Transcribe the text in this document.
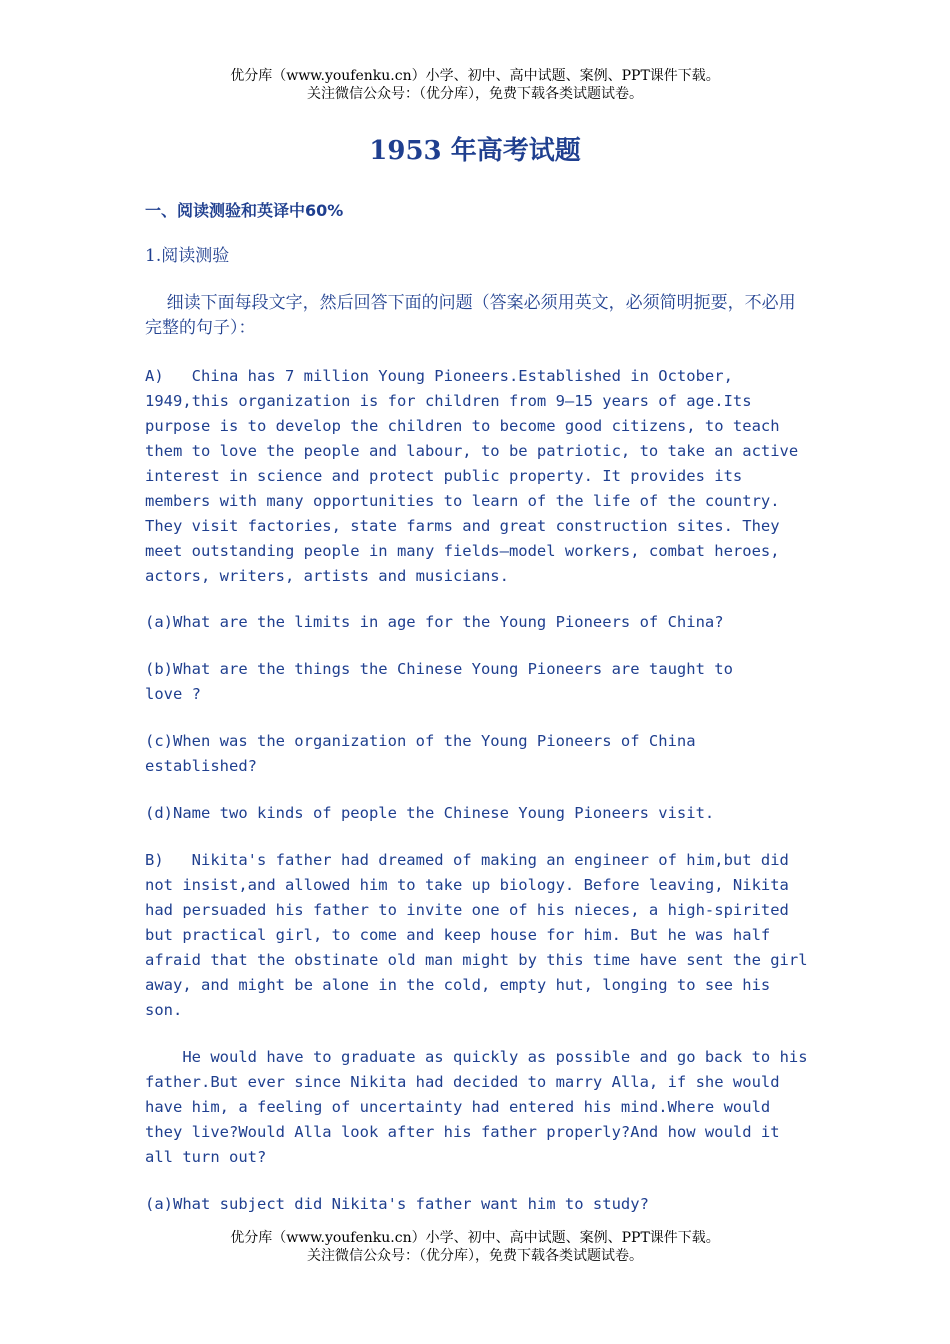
优分库（www.youfenku.cn）小学、初中、高中试题、案例、PPT课件下载。
关注微信公众号：（优分库），免费下载各类试题试卷。
1953 年高考试题
一、阅读测验和英译中60%
1.阅读测验
细读下面每段文字，然后回答下面的问题（答案必须用英文，必须简明扼要，不必用完整的句子）：

A)   China has 7 million Young Pioneers.Established in October, 1949,this organization is for children from 9—15 years of age.Its purpose is to develop the children to become good citizens, to teach them to love the people and labour, to be patriotic, to take an active interest in science and protect public property. It provides its members with many opportunities to learn of the life of the country. They visit factories, state farms and great construction sites. They meet outstanding people in many fields—model workers, combat heroes, actors, writers, artists and musicians.

(a)What are the limits in age for the Young Pioneers of China?

(b)What are the things the Chinese Young Pioneers are taught to love ?

(c)When was the organization of the Young Pioneers of China established?

(d)Name two kinds of people the Chinese Young Pioneers visit.

B)   Nikita's father had dreamed of making an engineer of him,but did not insist,and allowed him to take up biology. Before leaving, Nikita had persuaded his father to invite one of his nieces, a high-spirited but practical girl, to come and keep house for him. But he was half afraid that the obstinate old man might by this time have sent the girl away, and might be alone in the cold, empty hut, longing to see his son.

He would have to graduate as quickly as possible and go back to his father.But ever since Nikita had decided to marry Alla, if she would have him, a feeling of uncertainty had entered his mind.Where would they live?Would Alla look after his father properly?And how would it all turn out?

(a)What subject did Nikita's father want him to study?

优分库（www.youfenku.cn）小学、初中、高中试题、案例、PPT课件下载。
关注微信公众号：（优分库），免费下载各类试题试卷。
